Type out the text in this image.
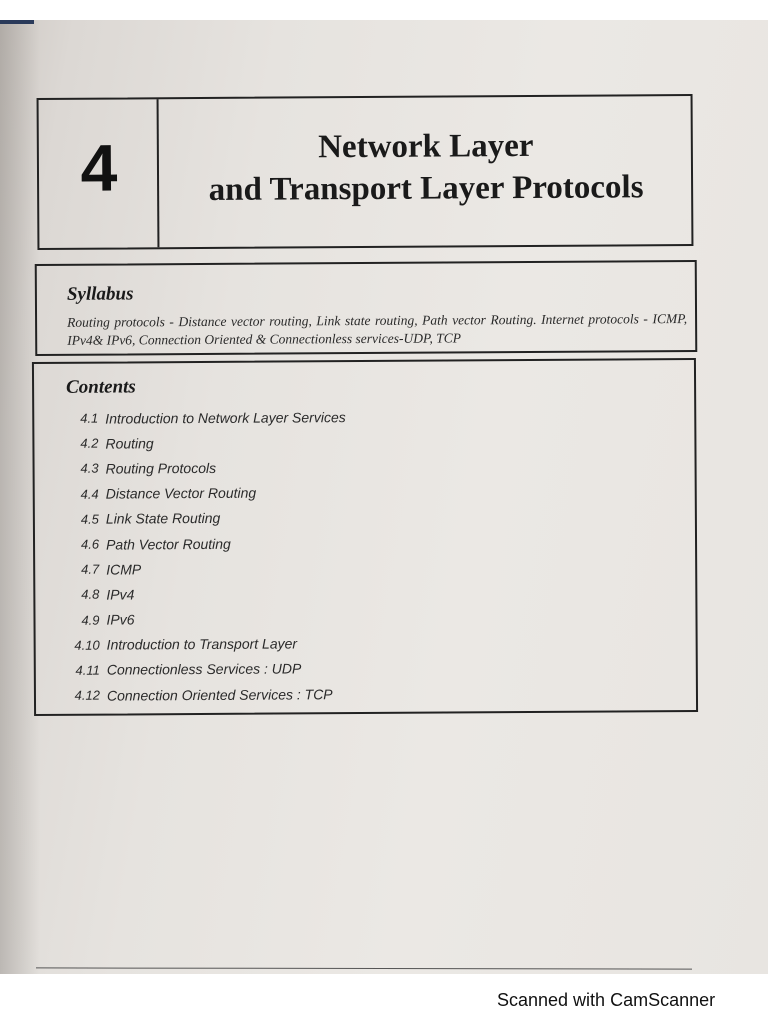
4	Network Layer
and Transport Layer Protocols
Syllabus
Routing protocols - Distance vector routing, Link state routing, Path vector Routing. Internet protocols - ICMP, IPv4& IPv6, Connection Oriented & Connectionless services-UDP, TCP
Contents
4.1 Introduction to Network Layer Services
4.2 Routing
4.3 Routing Protocols
4.4 Distance Vector Routing
4.5 Link State Routing
4.6 Path Vector Routing
4.7 ICMP
4.8 IPv4
4.9 IPv6
4.10 Introduction to Transport Layer
4.11 Connectionless Services : UDP
4.12 Connection Oriented Services : TCP
Scanned with CamScanner
